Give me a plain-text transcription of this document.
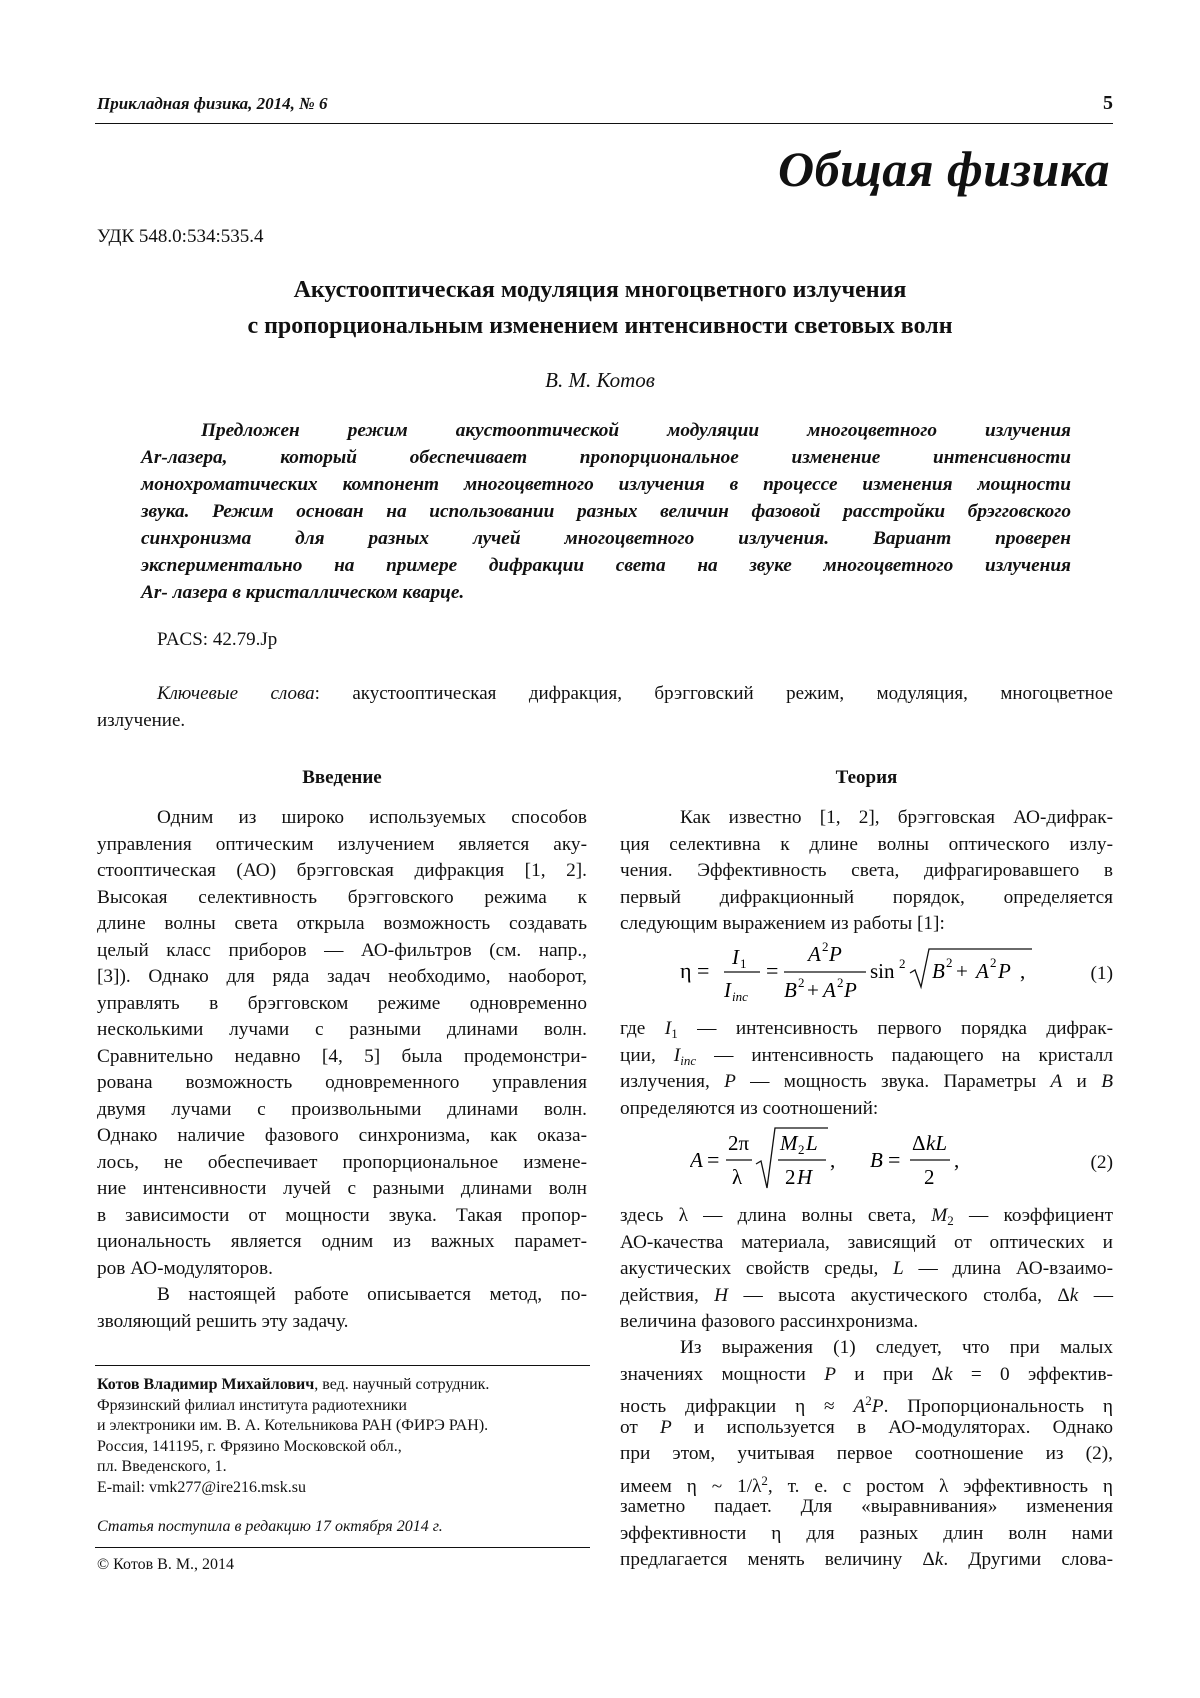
Прикладная физика, 2014, № 6	5
Общая физика
УДК 548.0:534:535.4
Акустооптическая модуляция многоцветного излучения
с пропорциональным изменением интенсивности световых волн
В. М. Котов
Предложен режим акустооптической модуляции многоцветного излучения
Ar-лазера, который обеспечивает пропорциональное изменение интенсивности
монохроматических компонент многоцветного излучения в процессе изменения мощности
звука. Режим основан на использовании разных величин фазовой расстройки брэгговского
синхронизма для разных лучей многоцветного излучения. Вариант проверен
экспериментально на примере дифракции света на звуке многоцветного излучения
Ar- лазера в кристаллическом кварце.
PACS: 42.79.Jp
Ключевые слова: акустооптическая дифракция, брэгговский режим, модуляция, многоцветное
излучение.
Введение
Одним из широко используемых способов
управления оптическим излучением является аку-
стооптическая (АО) брэгговская дифракция [1, 2].
Высокая селективность брэгговского режима к
длине волны света открыла возможность создавать
целый класс приборов — АО-фильтров (см. напр.,
[3]). Однако для ряда задач необходимо, наоборот,
управлять в брэгговском режиме одновременно
несколькими лучами с разными длинами волн.
Сравнительно недавно [4, 5] была продемонстри-
рована возможность одновременного управления
двумя лучами с произвольными длинами волн.
Однако наличие фазового синхронизма, как оказа-
лось, не обеспечивает пропорциональное измене-
ние интенсивности лучей с разными длинами волн
в зависимости от мощности звука. Такая пропор-
циональность является одним из важных парамет-
ров АО-модуляторов.
В настоящей работе описывается метод, по-
зволяющий решить эту задачу.
Котов Владимир Михайлович, вед. научный сотрудник.
Фрязинский филиал института радиотехники
и электроники им. В. А. Котельникова РАН (ФИРЭ РАН).
Россия, 141195, г. Фрязино Московской обл.,
пл. Введенского, 1.
E-mail: vmk277@ire216.msk.su
Статья поступила в редакцию 17 октября 2014 г.
© Котов В. М., 2014
Теория
Как известно [1, 2], брэгговская АО-дифрак-
ция селективна к длине волны оптического излу-
чения. Эффективность света, дифрагировавшего в
первый дифракционный порядок, определяется
следующим выражением из работы [1]:
η =
I 1
I inc
=
A 2 P
B 2 + A 2 P
sin 2 B 2 + A 2 P ,	(1)
где $I_1$ — интенсивность первого порядка дифрак-
ции, $I_{inc}$ — интенсивность падающего на кристалл
излучения, P — мощность звука. Параметры A и B
определяются из соотношений:
A =
2π
λ
M 2 L
2 H
, B =
Δ kL
2
,	(2)
здесь λ — длина волны света, $M_2$ — коэффициент
АО-качества материала, зависящий от оптических и
акустических свойств среды, L — длина АО-взаимо-
действия, H — высота акустического столба, Δk —
величина фазового рассинхронизма.
Из выражения (1) следует, что при малых
значениях мощности P и при Δk = 0 эффектив-
ность дифракции $\eta \approx A^2P$. Пропорциональность η
от P и используется в АО-модуляторах. Однако
при этом, учитывая первое соотношение из (2),
имеем η ~ $1/\lambda^2$, т. е. с ростом λ эффективность η
заметно падает. Для «выравнивания» изменения
эффективности η для разных длин волн нами
предлагается менять величину Δk. Другими слова-
